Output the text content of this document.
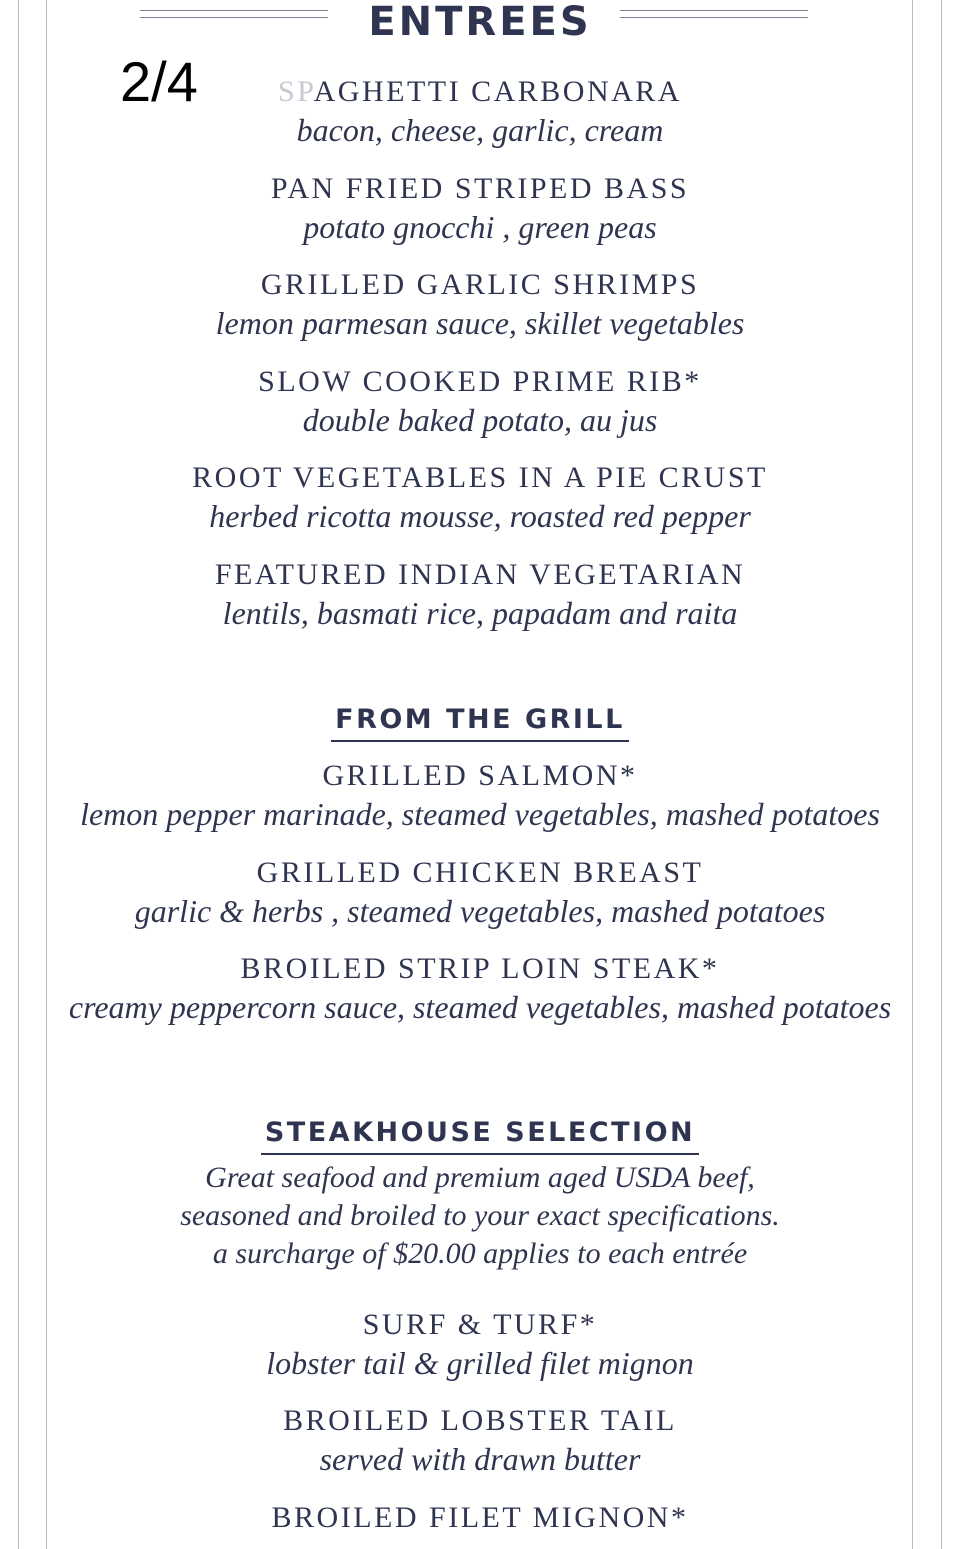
ENTREES
2/4	SPAGHETTI CARBONARA
bacon, cheese, garlic, cream
PAN FRIED STRIPED BASS
potato gnocchi , green peas
GRILLED GARLIC SHRIMPS
lemon parmesan sauce, skillet vegetables
SLOW COOKED PRIME RIB*
double baked potato, au jus
ROOT VEGETABLES IN A PIE CRUST
herbed ricotta mousse, roasted red pepper
FEATURED INDIAN VEGETARIAN
lentils, basmati rice, papadam and raita
FROM THE GRILL
GRILLED SALMON*
lemon pepper marinade, steamed vegetables, mashed potatoes
GRILLED CHICKEN BREAST
garlic & herbs , steamed vegetables, mashed potatoes
BROILED STRIP LOIN STEAK*
creamy peppercorn sauce, steamed vegetables, mashed potatoes
STEAKHOUSE SELECTION
Great seafood and premium aged USDA beef,
seasoned and broiled to your exact specifications.
a surcharge of $20.00 applies to each entrée
SURF & TURF*
lobster tail & grilled filet mignon
BROILED LOBSTER TAIL
served with drawn butter
BROILED FILET MIGNON*
